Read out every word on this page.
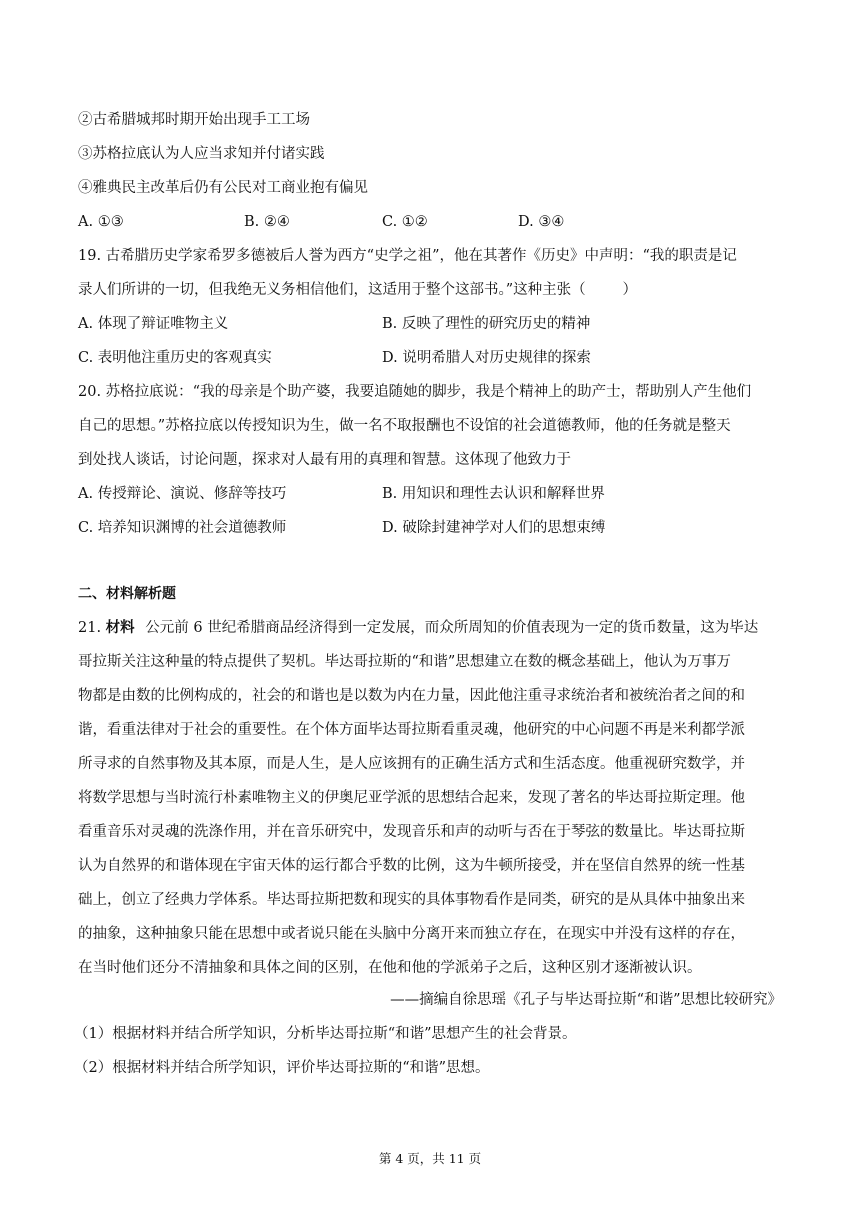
②古希腊城邦时期开始出现手工工场
③苏格拉底认为人应当求知并付诸实践
④雅典民主改革后仍有公民对工商业抱有偏见
A. ①③	B. ②④	C. ①②	D. ③④
19. 古希腊历史学家希罗多德被后人誉为西方“史学之祖”，他在其著作《历史》中声明：“我的职责是记
录人们所讲的一切，但我绝无义务相信他们，这适用于整个这部书。”这种主张（        ）
A. 体现了辩证唯物主义	B. 反映了理性的研究历史的精神
C. 表明他注重历史的客观真实	D. 说明希腊人对历史规律的探索
20. 苏格拉底说：“我的母亲是个助产婆，我要追随她的脚步，我是个精神上的助产士，帮助别人产生他们
自己的思想。”苏格拉底以传授知识为生，做一名不取报酬也不设馆的社会道德教师，他的任务就是整天
到处找人谈话，讨论问题，探求对人最有用的真理和智慧。这体现了他致力于
A. 传授辩论、演说、修辞等技巧	B. 用知识和理性去认识和解释世界
C. 培养知识渊博的社会道德教师	D. 破除封建神学对人们的思想束缚
二、材料解析题
21. 材料 公元前 6 世纪希腊商品经济得到一定发展，而众所周知的价值表现为一定的货币数量，这为毕达
哥拉斯关注这种量的特点提供了契机。毕达哥拉斯的“和谐”思想建立在数的概念基础上，他认为万事万
物都是由数的比例构成的，社会的和谐也是以数为内在力量，因此他注重寻求统治者和被统治者之间的和
谐，看重法律对于社会的重要性。在个体方面毕达哥拉斯看重灵魂，他研究的中心问题不再是米利都学派
所寻求的自然事物及其本原，而是人生，是人应该拥有的正确生活方式和生活态度。他重视研究数学，并
将数学思想与当时流行朴素唯物主义的伊奥尼亚学派的思想结合起来，发现了著名的毕达哥拉斯定理。他
看重音乐对灵魂的洗涤作用，并在音乐研究中，发现音乐和声的动听与否在于琴弦的数量比。毕达哥拉斯
认为自然界的和谐体现在宇宙天体的运行都合乎数的比例，这为牛顿所接受，并在坚信自然界的统一性基
础上，创立了经典力学体系。毕达哥拉斯把数和现实的具体事物看作是同类，研究的是从具体中抽象出来
的抽象，这种抽象只能在思想中或者说只能在头脑中分离开来而独立存在，在现实中并没有这样的存在，
在当时他们还分不清抽象和具体之间的区别，在他和他的学派弟子之后，这种区别才逐渐被认识。
——摘编自徐思瑶《孔子与毕达哥拉斯“和谐”思想比较研究》
（1）根据材料并结合所学知识，分析毕达哥拉斯“和谐”思想产生的社会背景。
（2）根据材料并结合所学知识，评价毕达哥拉斯的“和谐”思想。
第 4 页，共 11 页
